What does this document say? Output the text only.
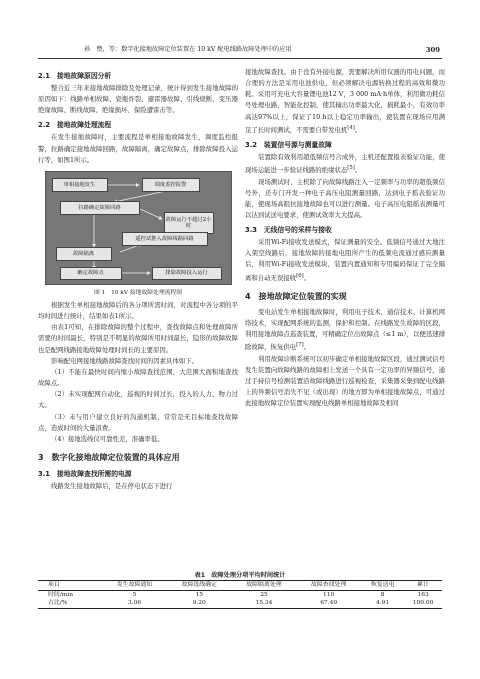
孙　赞，等：数字化接地故障定位装置在 10 kV 配电线路故障处理中的应用	309
2.1　接地故障原因分析

整合近三年来接地故障排除及处理记录，统计得到发生接地故障的原因如下：线路单相故障、瓷瓶炸裂、避雷器故障、引线烧断、变压器绝缘故障、断线故障、绝缘损坏、保险遭雷击等。

2.2　接地故障处理流程

在发生接地故障时，主要流程是单相接地故障发生，调度监控报警，拉路确定接地故障回路，故障隔离，确定故障点，排除故障投入运行等，如图1所示。

单相接地发生	调度监控报警
拉路确定故障回路
故障运行不超过2小时
故障隔离
遥控试推入故障线路回路
确定故障点	排除故障投入运行
图 1　10 kV 接地故障处理流程图

根据发生单相接地故障后的各分项所需时间，对流程中各分项的平均时间进行统计，结果如表1所示。

由表1可知，在排除故障的整个过程中，查找故障点和处理故障所需要的时间最长，特别是不明显的故障所用时间最长，隐形的故障故障也是配网线路接地故障处理时间长的主要原因。

影响配电网接地线路故障查找时间的因素具体如下。

（1）不能在最快时间内缩小故障查找范围，大范围大面积地查找故障点。

（2）未实现配网自动化，巡视的时间过长，投入的人力、物力过大。

（3）未与用户建立良好的沟通机制，常常是无目标地查找故障点，造成时间的大量浪费。

（4）接地选线仪可靠性差，准确率低。

3　数字化接地故障定位装置的具体应用
3.1　接地故障查找所需的电源

线路发生接地故障后，是在停电状态下进行

接地故障查找。由于没有外接电源，需要解决所用仪器的用电问题，而合理的方法是采用电池供电，但必须解决电源转换过程的高效和微功耗。采用可充电大容量锂电池12 V，3 000 mA·h单体，利用微功耗信号处理电路，智能化控制，使其输出功率最大化，损耗最小，有效功率高达97%以上，保证了10 h以上稳定功率输出，使装置在现场应用满足了长时间测试，不需要自带发电机[4]。

3.2　装置信号源与测量故障

装置除有效利用超低频信号合成外，主机还配置报表验证功能，使现场运能进一步验证线路的绝缘状态[5]。

现场测试时，主机除了向故障线路注入一定频率与功率的超低频信号外，还专门开发一种电子高压电阻测量回路，达到电子摇表验证功能，使现场高阻抗接地故障也可以进行测量。电子高压电阻摇表测量可以达到试送电要求，使测试效率大大提高。

3.3　无线信号的采样与接收

采用Wi-Fi接收发送模式，保证测量的安全。低频信号通过大地注入架空线路后，接地故障的接地电阻所产生的低频电流通过感应测量后，利用Wi-Fi接收发送模块，装置内置通知和专用编码保证了完全隔离和自动无误接收[6]。

4　接地故障定位装置的实现

变电站发生单相接地故障时，利用电子技术、通信技术、计算机网络技术，实现配网系统的监测，保护和控制。在线路发生故障的区段，利用接地故障点巡查装置，可精确定位出故障点（≤1 m），以便迅速排除故障，恢复供电[7]。

利用故障诊断系统可以初步确定单相接地故障区段，通过测试信号发生装置向故障线路的故障相上发送一个具有一定功率的异频信号，通过手持信号检测装置沿故障线路进行巡视检查，采集器采集到配电线路上的异频信号消失不见（或出现）的地方即为单相接地故障点，可通过此接地故障定位装置实现配电线路单相接地故障及相间

表1　故障处理分项平均时间统计
项目	发生故障通知	故障选线确定	故障隔离处理	故障查找处理	恢复送电	累计
时间/min	5	15	25	110	8	163
占比/%	3.06	9.20	15.34	67.49	4.91	100.00
